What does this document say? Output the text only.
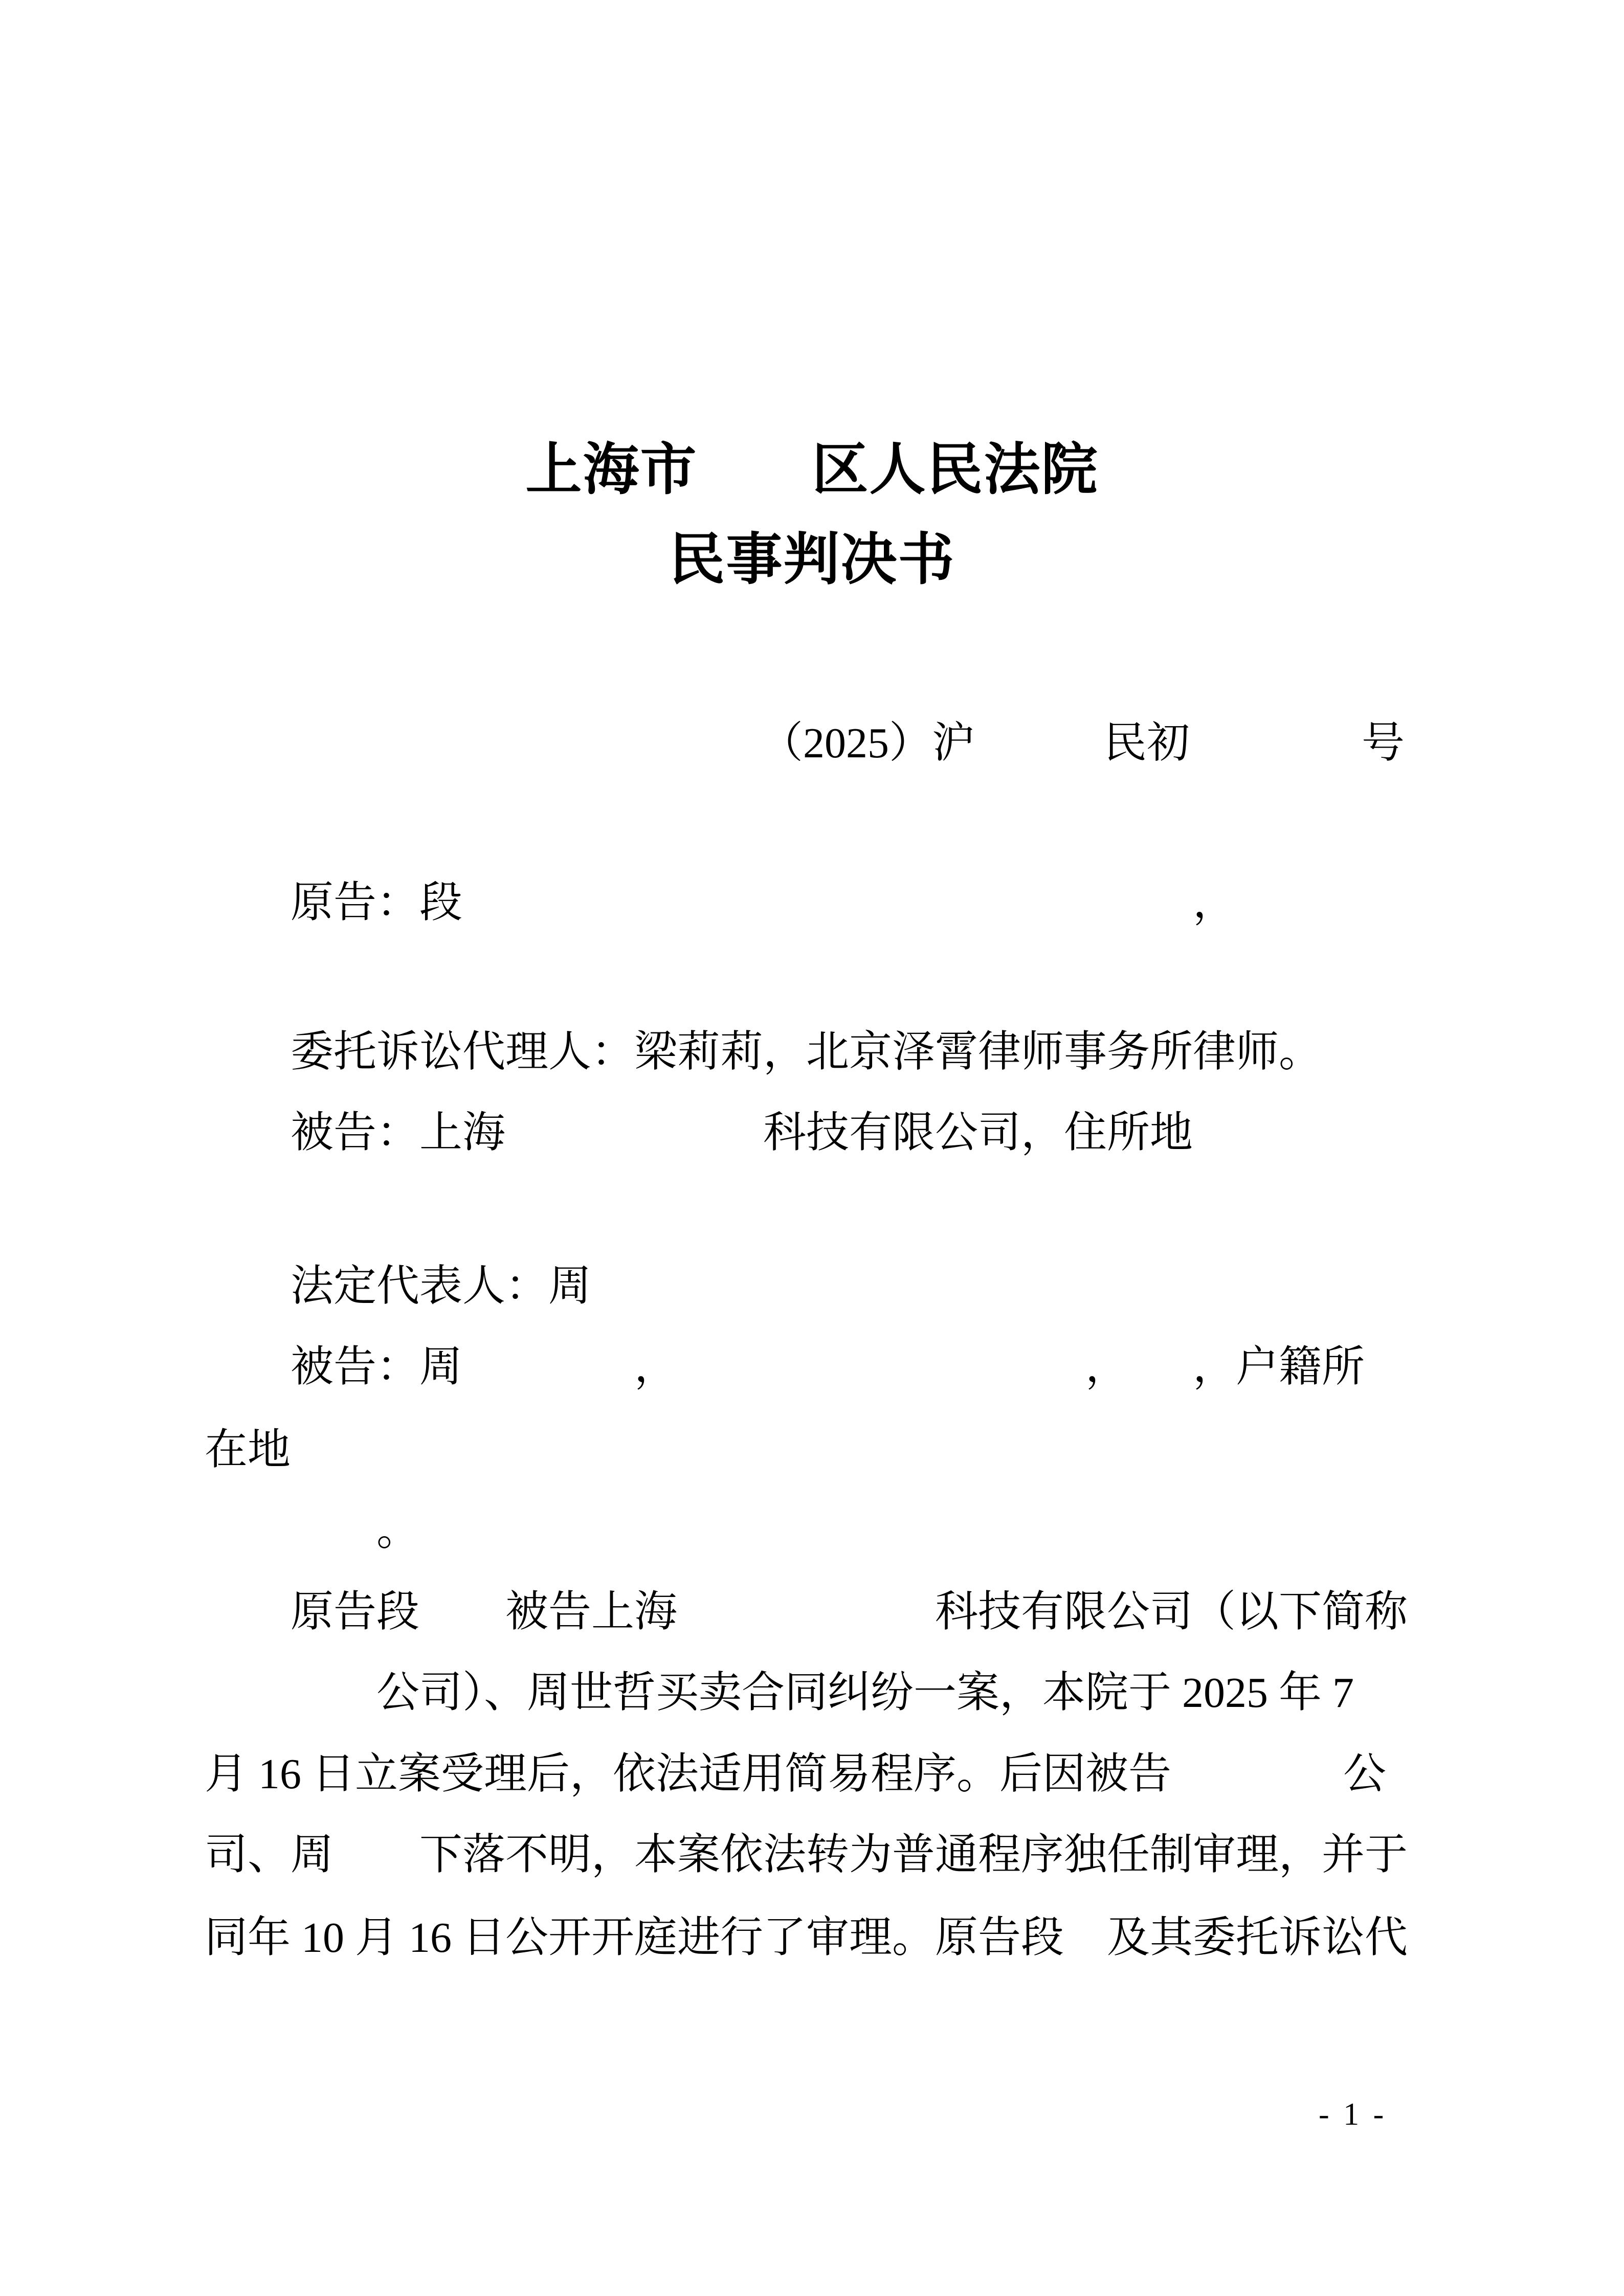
上海市　　区人民法院
民事判决书
（2025）沪　　　民初　　　　号
原告：段　　　　　　　　　　　　　　　　　，
委托诉讼代理人：梁莉莉，北京泽霄律师事务所律师。
被告：上海　　　　　　科技有限公司，住所地
法定代表人：周
被告：周　　　　，　　　　　　　　　　，　　，户籍所
在地
　　　　。
原告段　　被告上海　　　　　　科技有限公司（以下简称
　　　　公司）、周世哲买卖合同纠纷一案，本院于 2025 年 7
月 16 日立案受理后，依法适用简易程序。后因被告　　　　公
司、周　　下落不明，本案依法转为普通程序独任制审理，并于
同年 10 月 16 日公开开庭进行了审理。原告段　及其委托诉讼代
- 1 -
